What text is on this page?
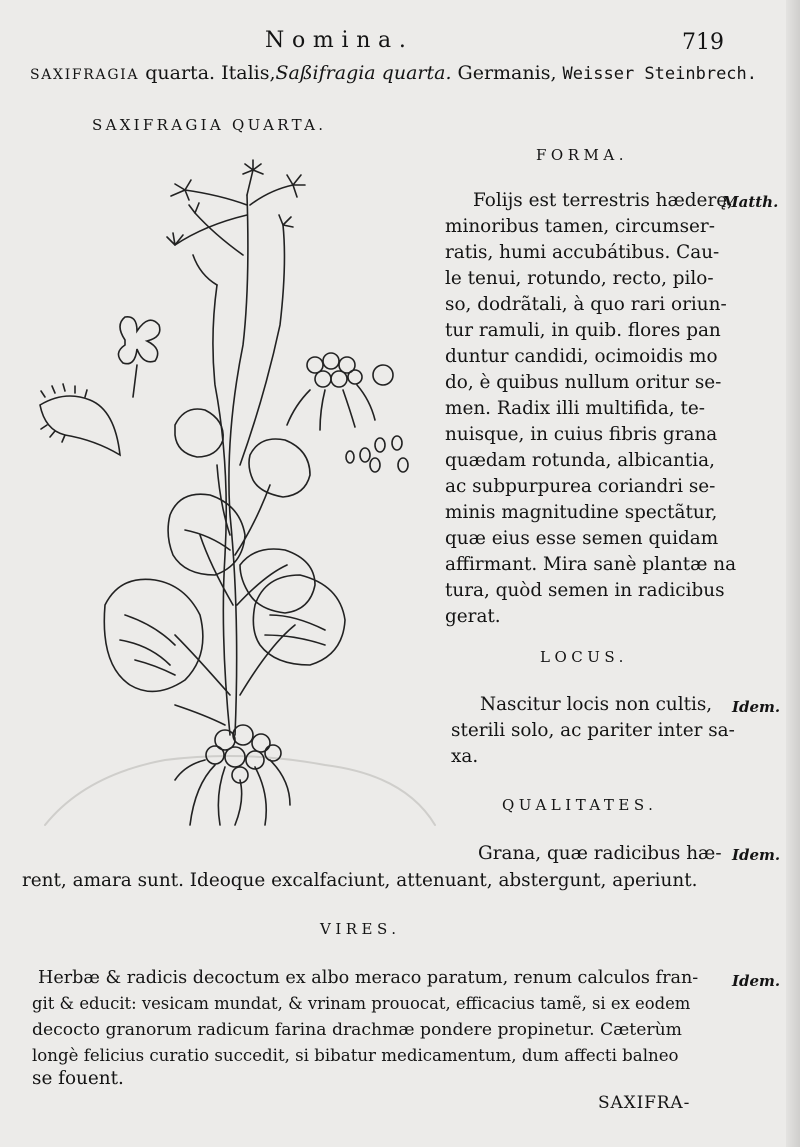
Nomina.	719
SAXIFRAGIA quarta. Italis,Saßifragia quarta. Germanis, Weisser Steinbrech.
SAXIFRAGIA QUARTA.
FORMA.
Matth.
Folijs est terrestris hæderę,
minoribus tamen, circumser-
ratis, humi accubátibus. Cau-
le tenui, rotundo, recto, pilo-
so, dodrãtali, à quo rari oriun-
tur ramuli, in quib. flores pan
duntur candidi, ocimoidis mo
do, è quibus nullum oritur se-
men. Radix illi multifida, te-
nuisque, in cuius fibris grana
quædam rotunda, albicantia,
ac subpurpurea coriandri se-
minis magnitudine spectãtur,
quæ eius esse semen quidam
affirmant. Mira sanè plantæ na
tura, quòd semen in radicibus
gerat.
LOCUS.
Idem.
Nascitur locis non cultis,
sterili solo, ac pariter inter sa-
xa.
QUALITATES.
Idem.
Grana, quæ radicibus hæ-
rent, amara sunt. Ideoque excalfaciunt, attenuant, abstergunt, aperiunt.
VIRES.
Idem.
Herbæ & radicis decoctum ex albo meraco paratum, renum calculos fran-
git & educit: vesicam mundat, & vrinam prouocat, efficacius tamẽ, si ex eodem
decocto granorum radicum farina drachmæ pondere propinetur. Cæterùm
longè felicius curatio succedit, si bibatur medicamentum, dum affecti balneo
se fouent.
SAXIFRA-
